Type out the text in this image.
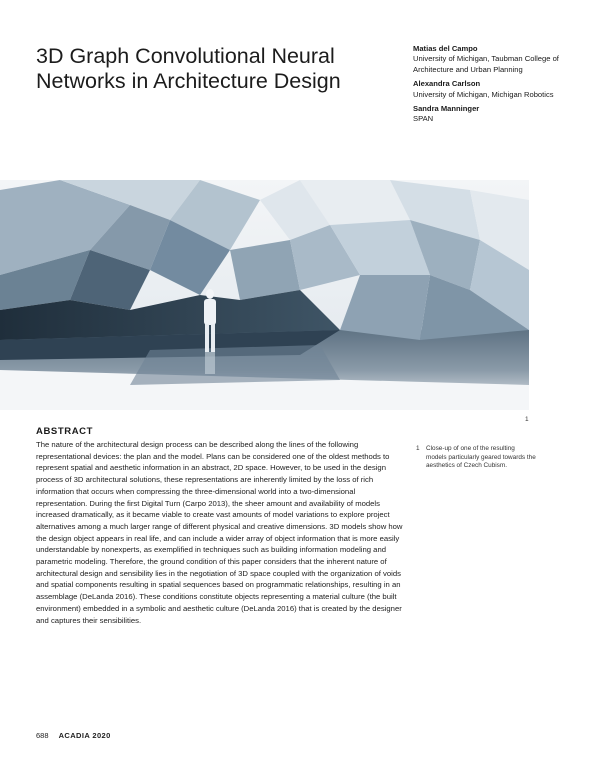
3D Graph Convolutional Neural Networks in Architecture Design
Matias del Campo
University of Michigan, Taubman College of Architecture and Urban Planning
Alexandra Carlson
University of Michigan, Michigan Robotics
Sandra Manninger
SPAN
1
1	Close-up of one of the resulting models particularly geared towards the aesthetics of Czech Cubism.
ABSTRACT

The nature of the architectural design process can be described along the lines of the following representational devices: the plan and the model. Plans can be considered one of the oldest methods to represent spatial and aesthetic information in an abstract, 2D space. However, to be used in the design process of 3D architectural solutions, these representations are inherently limited by the loss of rich information that occurs when compressing the three-dimensional world into a two-dimensional representation. During the first Digital Turn (Carpo 2013), the sheer amount and availability of models increased dramatically, as it became viable to create vast amounts of model variations to explore project alternatives among a much larger range of different physical and creative dimensions. 3D models show how the design object appears in real life, and can include a wider array of object information that is more easily understandable by nonexperts, as exemplified in techniques such as building information modeling and parametric modeling. Therefore, the ground condition of this paper considers that the inherent nature of architectural design and sensibility lies in the negotiation of 3D space coupled with the organization of voids and spatial components resulting in spatial sequences based on programmatic relationships, resulting in an assemblage (DeLanda 2016). These conditions constitute objects representing a material culture (the built environment) embedded in a symbolic and aesthetic culture (DeLanda 2016) that is created by the designer and captures their sensibilities.

688 ACADIA 2020
